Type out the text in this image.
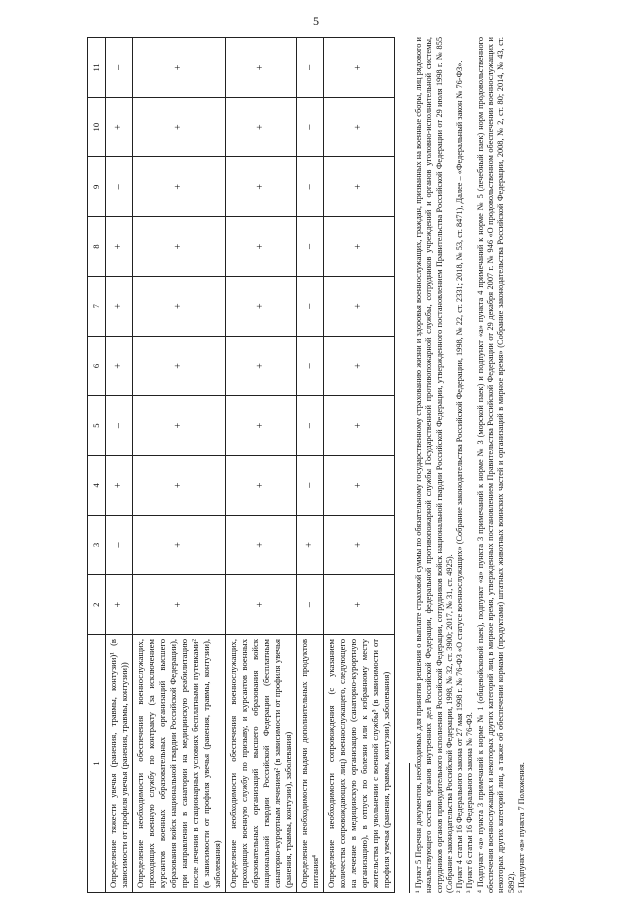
5
1	2	3	4	5	6	7	8	9	10	11
Определение тяжести увечья (ранения, травмы, контузии)¹ (в зависимости от профиля увечья (ранения, травмы, контузии))	+	–	+	–	+	+	+	–	+	–
Определение необходимости обеспечения военнослужащих, проходящих военную службу по контракту (за исключением курсантов военных образовательных организаций высшего образования войск национальной гвардии Российской Федерации), при направлении в санатории на медицинскую реабилитацию после лечения в стационарных условиях бесплатными путевками² (в зависимости от профиля увечья (ранения, травмы, контузии), заболевания)	+	+	+	+	+	+	+	+	+	+
Определение необходимости обеспечения военнослужащих, проходящих военную службу по призыву, и курсантов военных образовательных организаций высшего образования войск национальной гвардии Российской Федерации (бесплатным санаторно-курортным лечением² (в зависимости от профиля увечья (ранения, травмы, контузии), заболевания)	+	+	+	+	+	+	+	+	+	+
Определение необходимости выдачи дополнительных продуктов питания⁴	–	+	–	–	–	–	–	–	–	–
Определение необходимости сопровождения (с указанием количества сопровождающих лиц) военнослужащего, следующего на лечение в медицинскую организацию (санаторно-курортную организацию), в отпуск по болезни или к избранному месту жительства при увольнении с военной службы⁵ (в зависимости от профиля увечья (ранения, травмы, контузии), заболевания)	+	+	+	+	+	+	+	+	+	+	¹ Пункт 5 Перечня документов, необходимых для принятия решения о выплате страховой суммы по обязательному государственному страхованию жизни и здоровья военнослужащих, граждан, призванных на военные сборы, лиц рядового и начальствующего состава органов внутренних дел Российской Федерации, федеральной противопожарной службы Государственной противопожарной службы, сотрудников учреждений и органов уголовно-исполнительной системы, сотрудников органов принудительного исполнения Российской Федерации, сотрудников войск национальной гвардии Российской Федерации, утвержденного постановлением Правительства Российской Федерации от 29 июля 1998 г. № 855 (Собрание законодательства Российской Федерации, 1998, № 32, ст. 3900; 2017, № 31, ст. 4925). ² Пункт 4 статьи 16 Федерального закона от 27 мая 1998 г. № 76-ФЗ «О статусе военнослужащих» (Собрание законодательства Российской Федерации, 1998, № 22, ст. 2331; 2018, № 53, ст. 8471), Далее – «Федеральный закон № 76-ФЗ». ³ Пункт 6 статьи 16 Федерального закона № 76-ФЗ. ⁴ Подпункт «а» пункта 3 примечаний к норме № 1 (общевойсковой паек), подпункт «а» пункта 3 примечаний к норме № 3 (морской паек) и подпункт «а» пункта 4 примечаний к норме № 5 (лечебный паек) норм продовольственного обеспечения военнослужащих и некоторых других категорий лиц в мирное время, утвержденных постановлением Правительства Российской Федерации от 29 декабря 2007 г. № 946 «О продовольственном обеспечении военнослужащих и некоторых других категорий лиц, а также об обеспечении кормами (продуктами) штатных животных воинских частей и организаций в мирное время» (Собрание законодательства Российской Федерации, 2008, № 2, ст. 80; 2014, № 43, ст. 5892). ⁵ Подпункт «в» пункта 7 Положения.
